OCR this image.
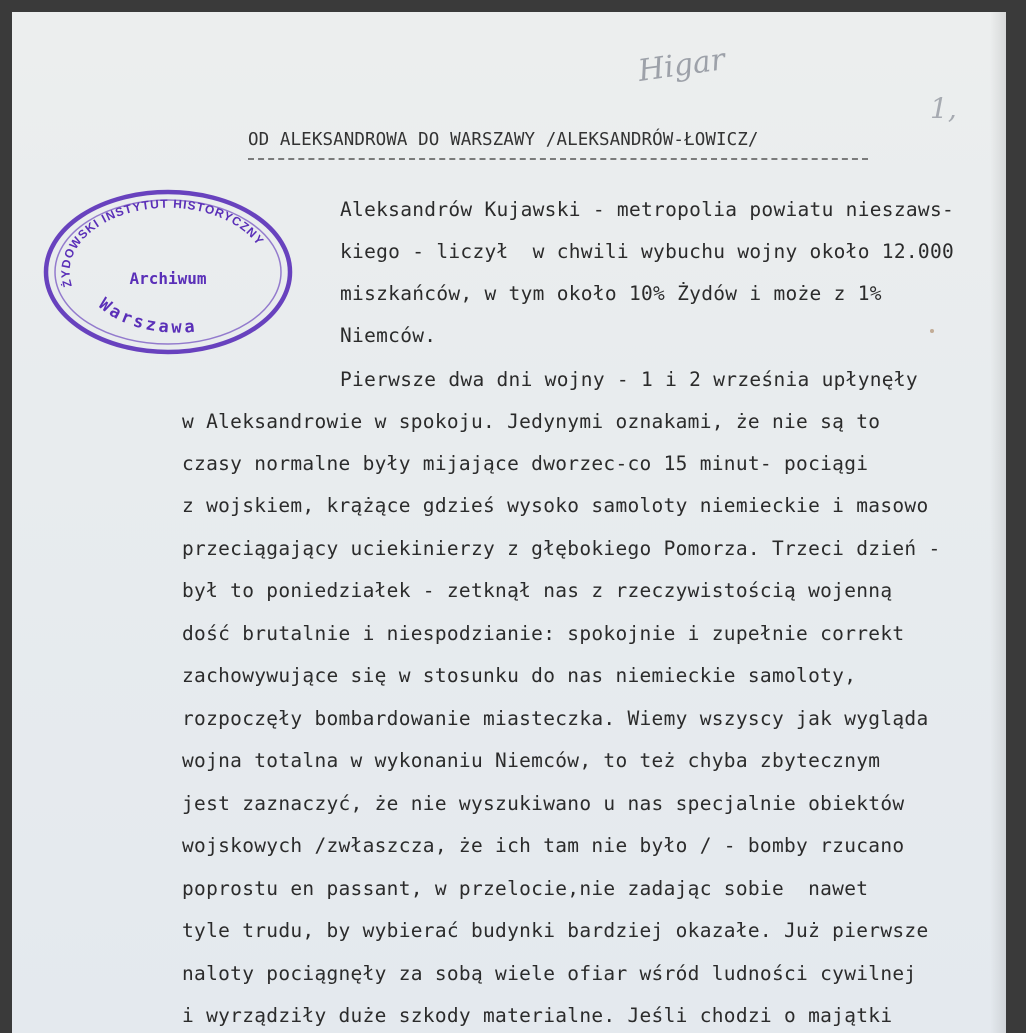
Higar
1,
OD ALEKSANDROWA DO WARSZAWY /ALEKSANDRÓW-ŁOWICZ/
ŻYDOWSKI INSTYTUT HISTORYCZNY
Archiwum
Warszawa
Aleksandrów Kujawski - metropolia powiatu nieszaws-
kiego - liczył  w chwili wybuchu wojny około 12.000
miszkańców, w tym około 10% Żydów i może z 1%
Niemców.
Pierwsze dwa dni wojny - 1 i 2 września upłynęły
w Aleksandrowie w spokoju. Jedynymi oznakami, że nie są to
czasy normalne były mijające dworzec-co 15 minut- pociągi
z wojskiem, krążące gdzieś wysoko samoloty niemieckie i masowo
przeciągający uciekinierzy z głębokiego Pomorza. Trzeci dzień -
był to poniedziałek - zetknął nas z rzeczywistością wojenną
dość brutalnie i niespodzianie: spokojnie i zupełnie correkt
zachowywujące się w stosunku do nas niemieckie samoloty,
rozpoczęły bombardowanie miasteczka. Wiemy wszyscy jak wygląda
wojna totalna w wykonaniu Niemców, to też chyba zbytecznym
jest zaznaczyć, że nie wyszukiwano u nas specjalnie obiektów
wojskowych /zwłaszcza, że ich tam nie było / - bomby rzucano
poprostu en passant, w przelocie,nie zadając sobie  nawet
tyle trudu, by wybierać budynki bardziej okazałe. Już pierwsze
naloty pociągnęły za sobą wiele ofiar wśród ludności cywilnej
i wyrządziły duże szkody materialne. Jeśli chodzi o majątki
